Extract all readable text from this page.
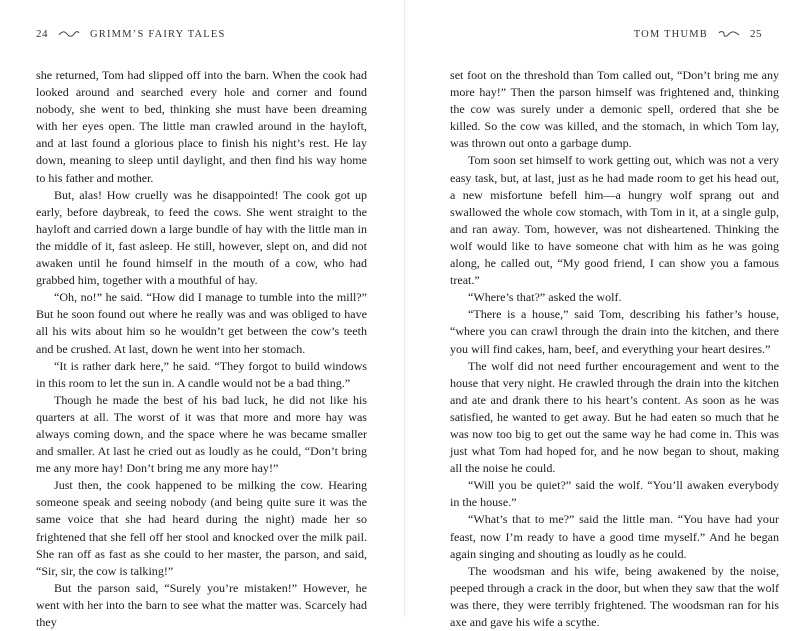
24	GRIMM’S FAIRY TALES

she returned, Tom had slipped off into the barn. When the cook had looked around and searched every hole and corner and found nobody, she went to bed, thinking she must have been dreaming with her eyes open. The little man crawled around in the hayloft, and at last found a glorious place to finish his night’s rest. He lay down, meaning to sleep until daylight, and then find his way home to his father and mother.

But, alas! How cruelly was he disappointed! The cook got up early, before daybreak, to feed the cows. She went straight to the hayloft and carried down a large bundle of hay with the little man in the middle of it, fast asleep. He still, however, slept on, and did not awaken until he found himself in the mouth of a cow, who had grabbed him, together with a mouthful of hay.

“Oh, no!” he said. “How did I manage to tumble into the mill?” But he soon found out where he really was and was obliged to have all his wits about him so he wouldn’t get between the cow’s teeth and be crushed. At last, down he went into her stomach.

“It is rather dark here,” he said. “They forgot to build windows in this room to let the sun in. A candle would not be a bad thing.”

Though he made the best of his bad luck, he did not like his quarters at all. The worst of it was that more and more hay was always coming down, and the space where he was became smaller and smaller. At last he cried out as loudly as he could, “Don’t bring me any more hay! Don’t bring me any more hay!”

Just then, the cook happened to be milking the cow. Hearing someone speak and seeing nobody (and being quite sure it was the same voice that she had heard during the night) made her so frightened that she fell off her stool and knocked over the milk pail. She ran off as fast as she could to her master, the parson, and said, “Sir, sir, the cow is talking!”

But the parson said, “Surely you’re mistaken!” However, he went with her into the barn to see what the matter was. Scarcely had they

TOM THUMB	25

set foot on the threshold than Tom called out, “Don’t bring me any more hay!” Then the parson himself was frightened and, thinking the cow was surely under a demonic spell, ordered that she be killed. So the cow was killed, and the stomach, in which Tom lay, was thrown out onto a garbage dump.

Tom soon set himself to work getting out, which was not a very easy task, but, at last, just as he had made room to get his head out, a new misfortune befell him—a hungry wolf sprang out and swallowed the whole cow stomach, with Tom in it, at a single gulp, and ran away. Tom, however, was not disheartened. Thinking the wolf would like to have someone chat with him as he was going along, he called out, “My good friend, I can show you a famous treat.”

“Where’s that?” asked the wolf.

“There is a house,” said Tom, describing his father’s house, “where you can crawl through the drain into the kitchen, and there you will find cakes, ham, beef, and everything your heart desires.”

The wolf did not need further encouragement and went to the house that very night. He crawled through the drain into the kitchen and ate and drank there to his heart’s content. As soon as he was satisfied, he wanted to get away. But he had eaten so much that he was now too big to get out the same way he had come in. This was just what Tom had hoped for, and he now began to shout, making all the noise he could.

“Will you be quiet?” said the wolf. “You’ll awaken everybody in the house.”

“What’s that to me?” said the little man. “You have had your feast, now I’m ready to have a good time myself.” And he began again singing and shouting as loudly as he could.

The woodsman and his wife, being awakened by the noise, peeped through a crack in the door, but when they saw that the wolf was there, they were terribly frightened. The woodsman ran for his axe and gave his wife a scythe.
